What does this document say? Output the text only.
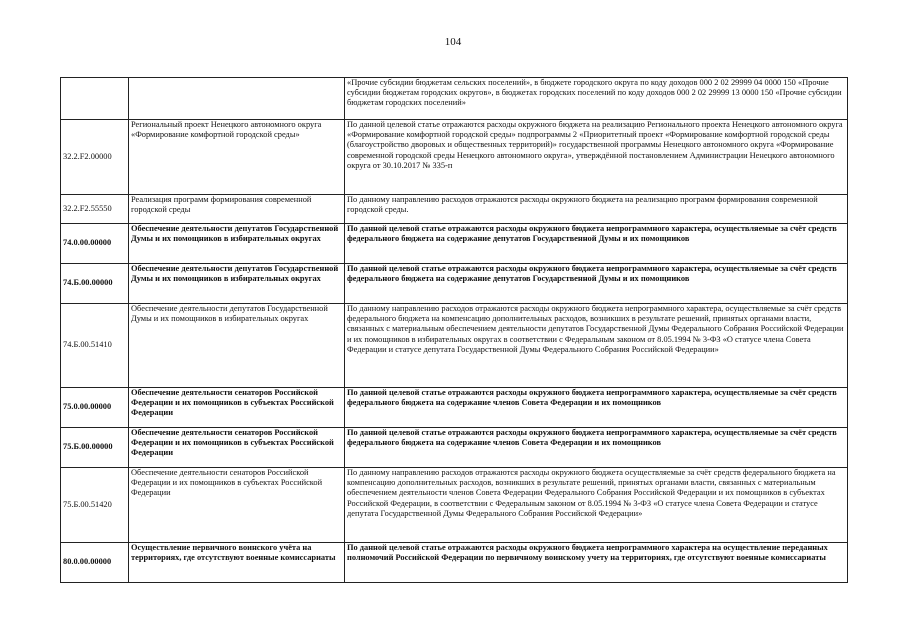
104
		«Прочие субсидии бюджетам сельских поселений», в бюджете городского округа по коду доходов 000 2 02 29999 04 0000 150 «Прочие субсидии бюджетам городских округов», в бюджетах городских поселений по коду доходов 000 2 02 29999 13 0000 150 «Прочие субсидии бюджетам городских поселений»
32.2.F2.00000	Региональный проект Ненецкого автономного округа «Формирование комфортной городской среды»	По данной целевой статье отражаются расходы окружного бюджета на реализацию Регионального проекта Ненецкого автономного округа «Формирование комфортной городской среды» подпрограммы 2 «Приоритетный проект «Формирование комфортной городской среды (благоустройство дворовых и общественных территорий)» государственной программы Ненецкого автономного округа «Формирование современной городской среды Ненецкого автономного округа», утверждённой постановлением Администрации Ненецкого автономного округа от 30.10.2017 № 335-п
32.2.F2.55550	Реализация программ формирования современной городской среды	По данному направлению расходов отражаются расходы окружного бюджета на реализацию программ формирования современной городской среды.
74.0.00.00000	Обеспечение деятельности депутатов Государственной Думы и их помощников в избирательных округах	По данной целевой статье отражаются расходы окружного бюджета непрограммного характера, осуществляемые за счёт средств федерального бюджета на содержание депутатов Государственной Думы и их помощников
74.Б.00.00000	Обеспечение деятельности депутатов Государственной Думы и их помощников в избирательных округах	По данной целевой статье отражаются расходы окружного бюджета непрограммного характера, осуществляемые за счёт средств федерального бюджета на содержание депутатов Государственной Думы и их помощников
74.Б.00.51410	Обеспечение деятельности депутатов Государственной Думы и их помощников в избирательных округах	По данному направлению расходов отражаются расходы окружного бюджета непрограммного характера, осуществляемые за счёт средств федерального бюджета на компенсацию дополнительных расходов, возникших в результате решений, принятых органами власти, связанных с материальным обеспечением деятельности депутатов Государственной Думы Федерального Собрания Российской Федерации и их помощников в избирательных округах в соответствии с Федеральным законом от 8.05.1994 № 3-ФЗ «О статусе члена Совета Федерации и статусе депутата Государственной Думы Федерального Собрания Российской Федерации»
75.0.00.00000	Обеспечение деятельности сенаторов Российской Федерации и их помощников в субъектах Российской Федерации	По данной целевой статье отражаются расходы окружного бюджета непрограммного характера, осуществляемые за счёт средств федерального бюджета на содержание членов Совета Федерации и их помощников
75.Б.00.00000	Обеспечение деятельности сенаторов Российской Федерации и их помощников в субъектах Российской Федерации	По данной целевой статье отражаются расходы окружного бюджета непрограммного характера, осуществляемые за счёт средств федерального бюджета на содержание членов Совета Федерации и их помощников
75.Б.00.51420	Обеспечение деятельности сенаторов Российской Федерации и их помощников в субъектах Российской Федерации	По данному направлению расходов отражаются расходы окружного бюджета осуществляемые за счёт средств федерального бюджета на компенсацию дополнительных расходов, возникших в результате решений, принятых органами власти, связанных с материальным обеспечением деятельности членов Совета Федерации Федерального Собрания Российской Федерации и их помощников в субъектах Российской Федерации, в соответствии с Федеральным законом от 8.05.1994 № 3-ФЗ «О статусе члена Совета Федерации и статусе депутата Государственной Думы Федерального Собрания Российской Федерации»
80.0.00.00000	Осуществление первичного воинского учёта на территориях, где отсутствуют военные комиссариаты	По данной целевой статье отражаются расходы окружного бюджета непрограммного характера на осуществление переданных полномочий Российской Федерации по первичному воинскому учету на территориях, где отсутствуют военные комиссариаты
